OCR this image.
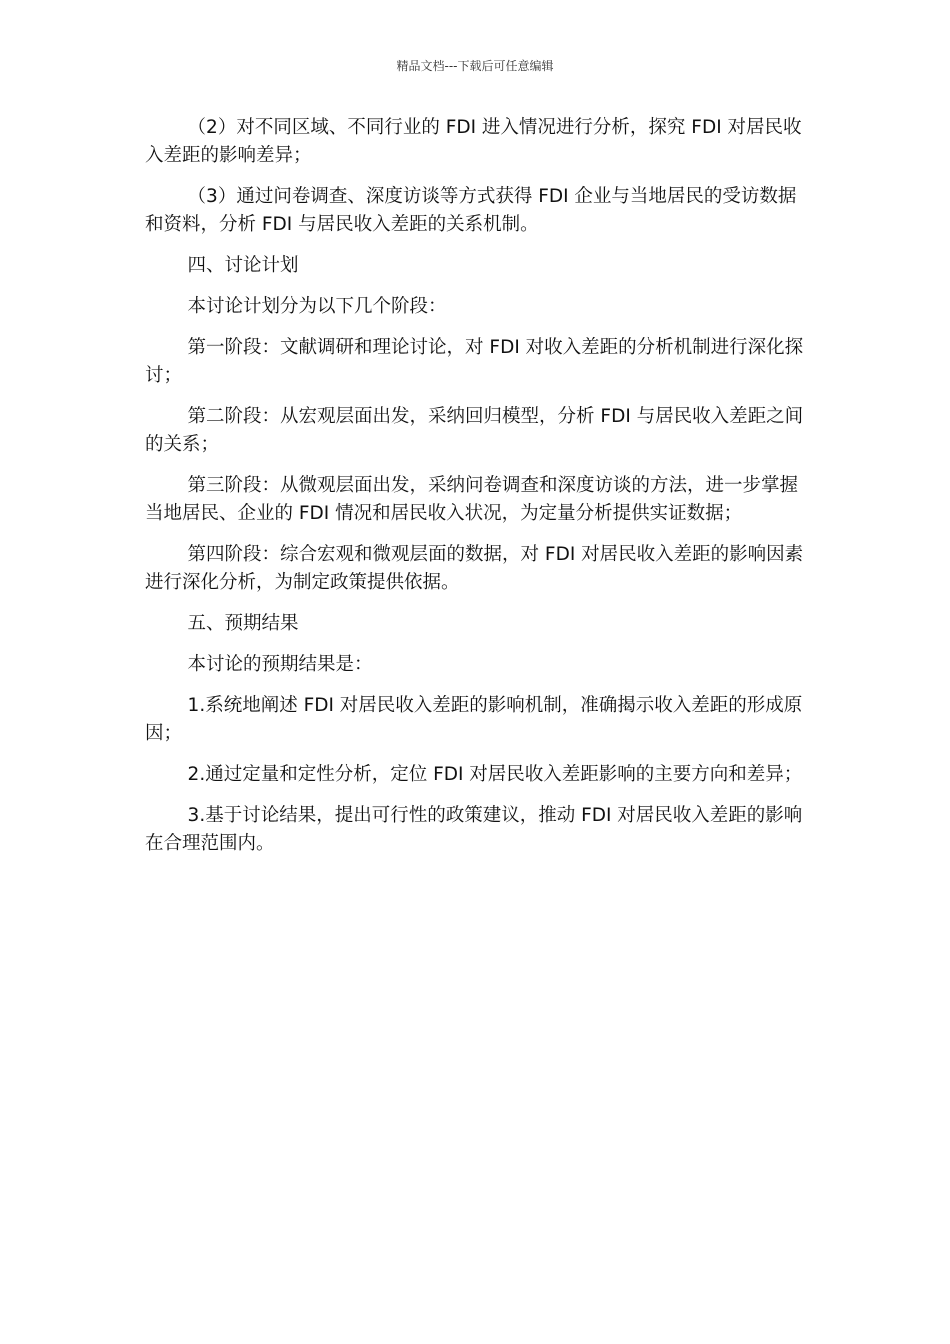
精品文档---下载后可任意编辑

（2）对不同区域、不同行业的 FDI 进入情况进行分析，探究 FDI 对居民收入差距的影响差异；

（3）通过问卷调查、深度访谈等方式获得 FDI 企业与当地居民的受访数据和资料，分析 FDI 与居民收入差距的关系机制。

四、讨论计划

本讨论计划分为以下几个阶段：

第一阶段：文献调研和理论讨论，对 FDI 对收入差距的分析机制进行深化探讨；

第二阶段：从宏观层面出发，采纳回归模型，分析 FDI 与居民收入差距之间的关系；

第三阶段：从微观层面出发，采纳问卷调查和深度访谈的方法，进一步掌握当地居民、企业的 FDI 情况和居民收入状况，为定量分析提供实证数据；

第四阶段：综合宏观和微观层面的数据，对 FDI 对居民收入差距的影响因素进行深化分析，为制定政策提供依据。

五、预期结果

本讨论的预期结果是：

1.系统地阐述 FDI 对居民收入差距的影响机制，准确揭示收入差距的形成原因；

2.通过定量和定性分析，定位 FDI 对居民收入差距影响的主要方向和差异；

3.基于讨论结果，提出可行性的政策建议，推动 FDI 对居民收入差距的影响在合理范围内。
